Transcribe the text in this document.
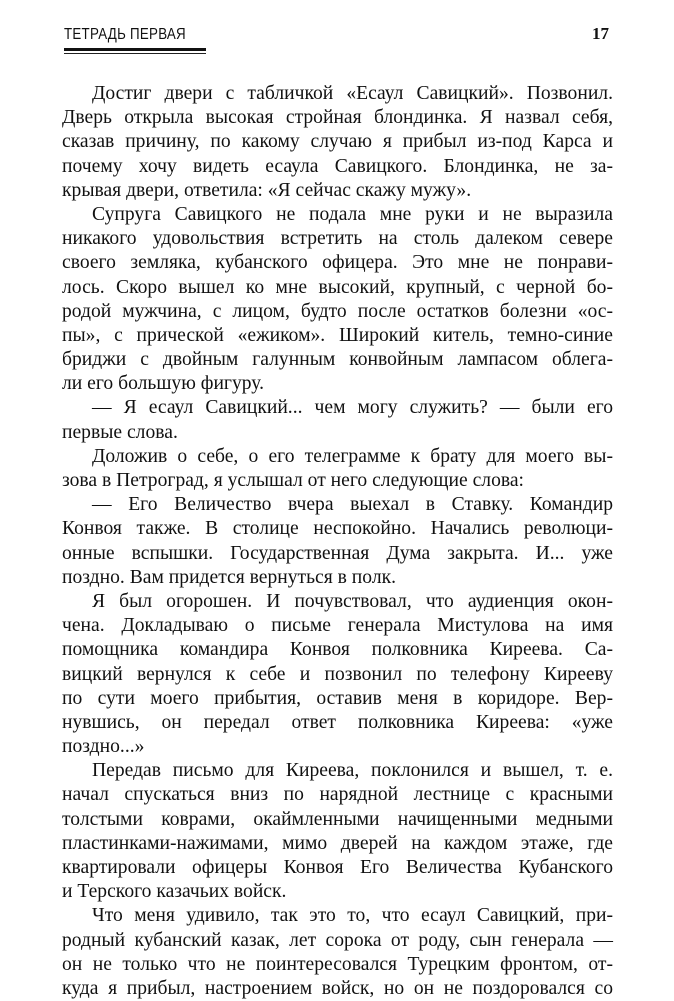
ТЕТРАДЬ ПЕРВАЯ	17
Достиг двери с табличкой «Есаул Савицкий». Позвонил.
Дверь открыла высокая стройная блондинка. Я назвал себя,
сказав причину, по какому случаю я прибыл из-под Карса и
почему хочу видеть есаула Савицкого. Блондинка, не за-
крывая двери, ответила: «Я сейчас скажу мужу».
Супруга Савицкого не подала мне руки и не выразила
никакого удовольствия встретить на столь далеком севере
своего земляка, кубанского офицера. Это мне не понрави-
лось. Скоро вышел ко мне высокий, крупный, с черной бо-
родой мужчина, с лицом, будто после остатков болезни «ос-
пы», с прической «ежиком». Широкий китель, темно-синие
бриджи с двойным галунным конвойным лампасом облега-
ли его большую фигуру.
— Я есаул Савицкий... чем могу служить? — были его
первые слова.
Доложив о себе, о его телеграмме к брату для моего вы-
зова в Петроград, я услышал от него следующие слова:
— Его Величество вчера выехал в Ставку. Командир
Конвоя также. В столице неспокойно. Начались революци-
онные вспышки. Государственная Дума закрыта. И... уже
поздно. Вам придется вернуться в полк.
Я был огорошен. И почувствовал, что аудиенция окон-
чена. Докладываю о письме генерала Мистулова на имя
помощника командира Конвоя полковника Киреева. Са-
вицкий вернулся к себе и позвонил по телефону Кирееву
по сути моего прибытия, оставив меня в коридоре. Вер-
нувшись, он передал ответ полковника Киреева: «уже
поздно...»
Передав письмо для Киреева, поклонился и вышел, т. е.
начал спускаться вниз по нарядной лестнице с красными
толстыми коврами, окаймленными начищенными медными
пластинками-нажимами, мимо дверей на каждом этаже, где
квартировали офицеры Конвоя Его Величества Кубанского
и Терского казачьих войск.
Что меня удивило, так это то, что есаул Савицкий, при-
родный кубанский казак, лет сорока от роду, сын генерала —
он не только что не поинтересовался Турецким фронтом, от-
куда я прибыл, настроением войск, но он не поздоровался со
